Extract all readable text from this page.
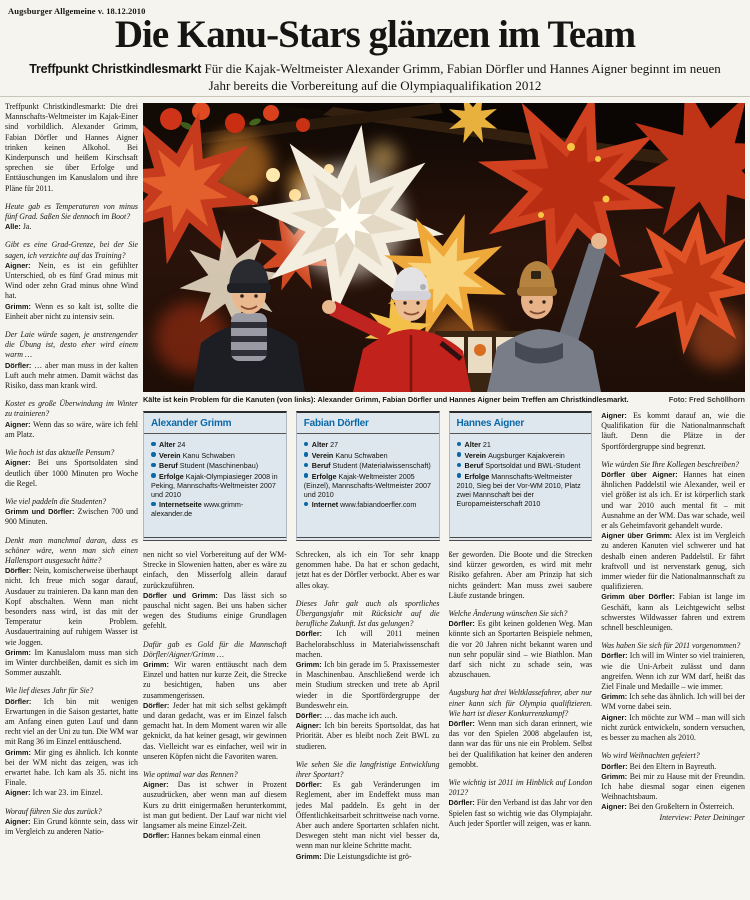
Augsburger Allgemeine v. 18.12.2010
Die Kanu-Stars glänzen im Team
Treffpunkt Christkindlesmarkt Für die Kajak-Weltmeister Alexander Grimm, Fabian Dörfler und Hannes Aigner beginnt im neuen Jahr bereits die Vorbereitung auf die Olympiaqualifikation 2012

Treffpunkt Christkindlesmarkt: Die drei Mannschafts-Weltmeister im Kajak-Einer sind vorbildlich. Alexander Grimm, Fabian Dörfler und Hannes Aigner trinken keinen Alkohol. Bei Kinderpunsch und heißem Kirschsaft sprechen sie über Erfolge und Enttäuschungen im Kanuslalom und ihre Pläne für 2011.

Heute gab es Temperaturen von minus fünf Grad. Saßen Sie dennoch im Boot?

Alle: Ja.

Gibt es eine Grad-Grenze, bei der Sie sagen, ich verzichte auf das Training?

Aigner: Nein, es ist ein gefühlter Unterschied, ob es fünf Grad minus mit Wind oder zehn Grad minus ohne Wind hat.

Grimm: Wenn es so kalt ist, sollte die Einheit aber nicht zu intensiv sein.

Der Laie würde sagen, je anstrengender die Übung ist, desto eher wird einem warm …

Dörfler: … aber man muss in der kalten Luft auch mehr atmen. Damit wächst das Risiko, dass man krank wird.

Kostet es große Überwindung im Winter zu trainieren?

Aigner: Wenn das so wäre, wäre ich fehl am Platz.

Wie hoch ist das aktuelle Pensum?

Aigner: Bei uns Sportsoldaten sind deutlich über 1000 Minuten pro Woche die Regel.

Wie viel paddeln die Studenten?

Grimm und Dörfler: Zwischen 700 und 900 Minuten.

Denkt man manchmal daran, dass es schöner wäre, wenn man sich einen Hallensport ausgesucht hätte?

Dörfler: Nein, komischerweise überhaupt nicht. Ich freue mich sogar darauf, Ausdauer zu trainieren. Da kann man den Kopf abschalten. Wenn man nicht besonders nass wird, ist das mit der Temperatur kein Problem. Ausdauertraining auf ruhigem Wasser ist wie Joggen.

Grimm: Im Kanuslalom muss man sich im Winter durchbeißen, damit es sich im Sommer auszahlt.

Wie lief dieses Jahr für Sie?

Dörfler: Ich bin mit wenigen Erwartungen in die Saison gestartet, hatte am Anfang einen guten Lauf und dann recht viel an der Uni zu tun. Die WM war mit Rang 36 im Einzel enttäuschend.

Grimm: Mir ging es ähnlich. Ich konnte bei der WM nicht das zeigen, was ich erwartet habe. Ich kam als 35. nicht ins Finale.

Aigner: Ich war 23. im Einzel.

Worauf führen Sie das zurück?

Aigner: Ein Grund könnte sein, dass wir im Vergleich zu anderen Natio-

Kälte ist kein Problem für die Kanuten (von links): Alexander Grimm, Fabian Dörfler und Hannes Aigner beim Treffen am Christkindlesmarkt.	Foto: Fred Schöllhorn
Alexander Grimm
Alter 24
Verein Kanu Schwaben
Beruf Student (Maschinenbau)
Erfolge Kajak-Olympiasieger 2008 in Peking, Mannschafts-Weltmeister 2007 und 2010
Internetseite www.grimm-alexander.de

nen nicht so viel Vorbereitung auf der WM-Strecke in Slowenien hatten, aber es wäre zu einfach, den Misserfolg allein darauf zurückzuführen.

Dörfler und Grimm: Das lässt sich so pauschal nicht sagen. Bei uns haben sicher wegen des Studiums einige Grundlagen gefehlt.

Dafür gab es Gold für die Mannschaft Dörfler/Aigner/Grimm …

Grimm: Wir waren enttäuscht nach dem Einzel und hatten nur kurze Zeit, die Strecke zu besichtigen, haben uns aber zusammengerissen.

Dörfler: Jeder hat mit sich selbst gekämpft und daran gedacht, was er im Einzel falsch gemacht hat. In dem Moment waren wir alle geknickt, da hat keiner gesagt, wir gewinnen das. Vielleicht war es einfacher, weil wir in unseren Köpfen nicht die Favoriten waren.

Wie optimal war das Rennen?

Aigner: Das ist schwer in Prozent auszudrücken, aber wenn man auf diesem Kurs zu dritt einigermaßen herunterkommt, ist man gut bedient. Der Lauf war nicht viel langsamer als meine Einzel-Zeit.

Dörfler: Hannes bekam einmal einen

Fabian Dörfler
Alter 27
Verein Kanu Schwaben
Beruf Student (Materialwissenschaft)
Erfolge Kajak-Weltmeister 2005 (Einzel), Mannschafts-Weltmeister 2007 und 2010
Internet www.fabiandoerfler.com

Schrecken, als ich ein Tor sehr knapp genommen habe. Da hat er schon gedacht, jetzt hat es der Dörfler verbockt. Aber es war alles okay.

Dieses Jahr galt auch als sportliches Übergangsjahr mit Rücksicht auf die berufliche Zukunft. Ist das gelungen?

Dörfler: Ich will 2011 meinen Bachelorabschluss in Materialwissenschaft machen.

Grimm: Ich bin gerade im 5. Praxissemester in Maschinenbau. Anschließend werde ich mein Studium strecken und trete ab April wieder in die Sportfördergruppe der Bundeswehr ein.

Dörfler: … das mache ich auch.

Aigner: Ich bin bereits Sportsoldat, das hat Priorität. Aber es bleibt noch Zeit BWL zu studieren.

Wie sehen Sie die langfristige Entwicklung ihrer Sportart?

Dörfler: Es gab Veränderungen im Reglement, aber im Endeffekt muss man jedes Mal paddeln. Es geht in der Öffentlichkeitsarbeit schrittweise nach vorne. Aber auch andere Sportarten schlafen nicht. Deswegen steht man nicht viel besser da, wenn man nur kleine Schritte macht.

Grimm: Die Leistungsdichte ist grö-

Hannes Aigner
Alter 21
Verein Augsburger Kajakverein
Beruf Sportsoldat und BWL-Student
Erfolge Mannschafts-Weltmeister 2010, Sieg bei der Vor-WM 2010, Platz zwei Mannschaft bei der Europameisterschaft 2010

ßer geworden. Die Boote und die Strecken sind kürzer geworden, es wird mit mehr Risiko gefahren. Aber am Prinzip hat sich nichts geändert: Man muss zwei saubere Läufe zustande bringen.

Welche Änderung wünschen Sie sich?

Dörfler: Es gibt keinen goldenen Weg. Man könnte sich an Sportarten Beispiele nehmen, die vor 20 Jahren nicht bekannt waren und nun sehr populär sind – wie Biathlon. Man darf sich nicht zu schade sein, was abzuschauen.

Augsburg hat drei Weltklassefahrer, aber nur einer kann sich für Olympia qualifizieren. Wie hart ist dieser Konkurrenzkampf?

Dörfler: Wenn man sich daran erinnert, wie das vor den Spielen 2008 abgelaufen ist, dann war das für uns nie ein Problem. Selbst bei der Qualifikation hat keiner den anderen gemobbt.

Wie wichtig ist 2011 im Hinblick auf London 2012?

Dörfler: Für den Verband ist das Jahr vor den Spielen fast so wichtig wie das Olympiajahr. Auch jeder Sportler will zeigen, was er kann.

Aigner: Es kommt darauf an, wie die Qualifikation für die Nationalmannschaft läuft. Denn die Plätze in der Sportfördergruppe sind begrenzt.

Wie würden Sie Ihre Kollegen beschreiben?

Dörfler über Aigner: Hannes hat einen ähnlichen Paddelstil wie Alexander, weil er viel größer ist als ich. Er ist körperlich stark und war 2010 auch mental fit – mit Ausnahme an der WM. Das war schade, weil er als Geheimfavorit gehandelt wurde.

Aigner über Grimm: Alex ist im Vergleich zu anderen Kanuten viel schwerer und hat deshalb einen anderen Paddelstil. Er fährt kraftvoll und ist nervenstark genug, sich immer wieder für die Nationalmannschaft zu qualifizieren.

Grimm über Dörfler: Fabian ist lange im Geschäft, kann als Leichtgewicht selbst schwerstes Wildwasser fahren und extrem schnell beschleunigen.

Was haben Sie sich für 2011 vorgenommen?

Dörfler: Ich will im Winter so viel trainieren, wie die Uni-Arbeit zulässt und dann angreifen. Wenn ich zur WM darf, heißt das Ziel Finale und Medaille – wie immer.

Grimm: Ich sehe das ähnlich. Ich will bei der WM vorne dabei sein.

Aigner: Ich möchte zur WM – man will sich nicht zurück entwickeln, sondern versuchen, es besser zu machen als 2010.

Wo wird Weihnachten gefeiert?

Dörfler: Bei den Eltern in Bayreuth.

Grimm: Bei mir zu Hause mit der Freundin. Ich habe diesmal sogar einen eigenen Weihnachtsbaum.

Aigner: Bei den Großeltern in Österreich.
Interview: Peter Deininger
